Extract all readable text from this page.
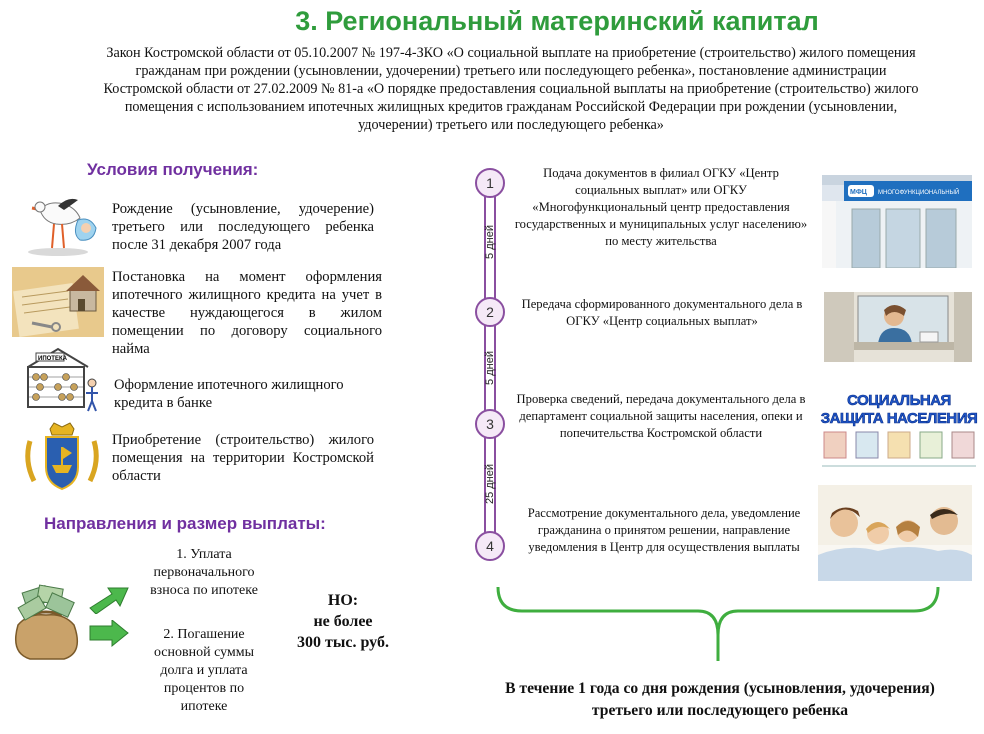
3. Региональный материнский капитал
Закон Костромской области от 05.10.2007 № 197-4-ЗКО «О социальной выплате на приобретение (строительство) жилого помещения гражданам при рождении (усыновлении, удочерении) третьего или последующего ребенка», постановление администрации Костромской области от 27.02.2009 № 81-а «О порядке предоставления социальной выплаты на приобретение (строительство) жилого помещения с использованием ипотечных жилищных кредитов гражданам Российской Федерации при рождении (усыновлении, удочерении) третьего или последующего ребенка»
Условия получения:
Рождение (усыновление, удочерение) третьего или последующего ребенка после 31 декабря 2007 года
Постановка на момент оформления ипотечного жилищного кредита на учет в качестве нуждающегося в жилом помещении по договору социального найма
ИПОТЕКА
Оформление ипотечного жилищного кредита в банке
Приобретение (строительство) жилого помещения на территории Костромской области
Направления и размер выплаты:
1. Уплата первоначального взноса по ипотеке
2. Погашение основной суммы долга и уплата процентов по ипотеке
НО:
не более
300 тыс. руб.
1
2
3
4
5 дней
5 дней
25 дней
Подача документов в филиал ОГКУ «Центр социальных выплат» или ОГКУ «Многофункциональный центр предоставления государственных и муниципальных услуг населению» по месту жительства
Передача сформированного документального дела в ОГКУ «Центр социальных выплат»
Проверка сведений, передача документального дела в департамент социальной защиты населения, опеки и попечительства Костромской области
Рассмотрение документального дела, уведомление гражданина о принятом решении, направление уведомления в Центр для осуществления выплаты
МФЦ МНОГОФУНКЦИОНАЛЬНЫЙ
СОЦИАЛЬНАЯ ЗАЩИТА НАСЕЛЕНИЯ
В течение 1 года со дня рождения (усыновления, удочерения) третьего или последующего ребенка
